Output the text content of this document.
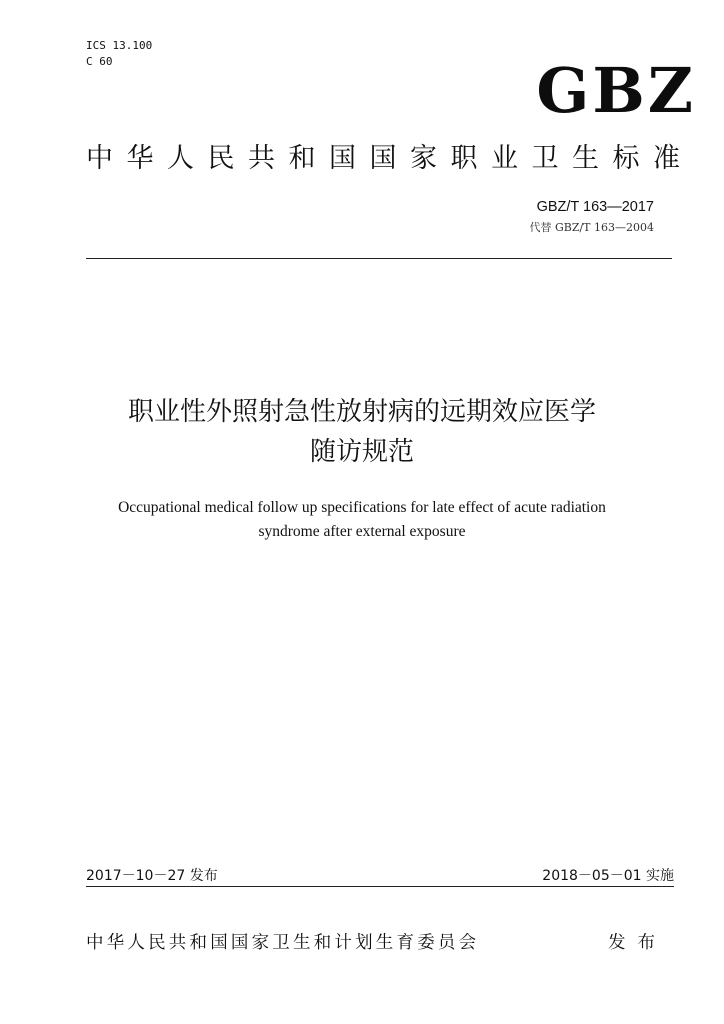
ICS 13.100
C 60	GBZ
中华人民共和国国家职业卫生标准
GBZ/T 163—2017
代替 GBZ/T 163—2004
职业性外照射急性放射病的远期效应医学
随访规范
Occupational medical follow up specifications for late effect of acute radiation
syndrome after external exposure
2017－10－27 发布	2018－05－01 实施
中华人民共和国国家卫生和计划生育委员会	发布
